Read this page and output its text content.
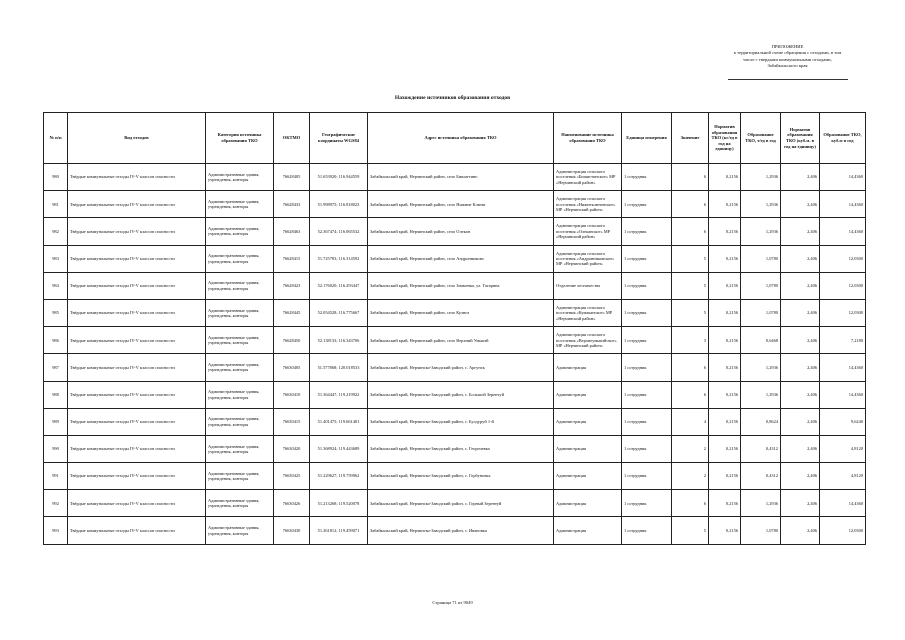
ПРИЛОЖЕНИЕ
к территориальной схеме обращения с отходами, в том
числе с твердыми коммунальными отходами,
Забайкальского края
Нахождение источников образования отходов
№ п/п	Вид отходов	Категория источника образования ТКО	ОКТМО	Географические координаты WGS84	Адрес источника образования ТКО	Наименование источника образования ТКО	Единица измерения	Значение	Норматив образования ТКО (кг/ед в год на единицу)	Образование ТКО, т/ед в год	Норматив образования ТКО (куб.м. в год на единицу)	Образование ТКО, куб.м в год
980	Твёрдые коммунальные отходы IV-V классов опасности	Административные здания, учреждения, конторы	76628405	51.653920; 116.944559	Забайкальский край, Нерчинский район, село Бишигтино	Администрация сельского поселения «Бишигтинское» МР «Нерчинский район»	1 сотрудник	6	0,2156	1,2936	2,406	14,4360
981	Твёрдые коммунальные отходы IV-V классов опасности	Административные здания, учреждения, конторы	76628433	51.998975; 116.818023	Забайкальский край, Нерчинский район, село Нижние Ключи	Администрация сельского поселения «Нижнеключевское» МР «Нерчинский район»	1 сотрудник	6	0,2156	1,2936	2,406	14,4360
982	Твёрдые коммунальные отходы IV-V классов опасности	Административные здания, учреждения, конторы	76628463	52.367474; 116.065532	Забайкальский край, Нерчинский район, село Олекан	Администрация сельского поселения «Олеканское» МР «Нерчинский район»	1 сотрудник	6	0,2156	1,2936	2,406	14,4360
983	Твёрдые коммунальные отходы IV-V классов опасности	Административные здания, учреждения, конторы	76628415	51.725783; 116.314592	Забайкальский край, Нерчинский район, село Андронниково	Администрация сельского поселения «Андронниковское» МР «Нерчинский район»	1 сотрудник	5	0,2156	1,0780	2,406	12,0300
984	Твёрдые коммунальные отходы IV-V классов опасности	Административные здания, учреждения, конторы	76628423	52.176020; 116.293447	Забайкальский край, Нерчинский район, село Знаменка, ул. Гагарина	Отделение лесничества	1 сотрудник	5	0,2156	1,0780	2,406	12,0300
985	Твёрдые коммунальные отходы IV-V классов опасности	Административные здания, учреждения, конторы	76628445	52.054528; 116.775667	Забайкальский край, Нерчинский район, село Куэнга	Администрация сельского поселения «Кумаканское» МР «Нерчинский район»	1 сотрудник	5	0,2156	1,0780	2,406	12,0300
986	Твёрдые коммунальные отходы IV-V классов опасности	Административные здания, учреждения, конторы	76628450	52.138133; 116.343706	Забайкальский край, Нерчинский район, село Верхний Умыкэй	Администрация сельского поселения «Верхнеумыкэйское» МР «Нерчинский район»	1 сотрудник	3	0,2156	0,6468	2,406	7,2180
987	Твёрдые коммунальные отходы IV-V классов опасности	Административные здания, учреждения, конторы	76630405	51.577868; 120.018533	Забайкальский край, Нерчинско-Заводский район, с. Аргунск	Администрация	1 сотрудник	6	0,2156	1,2936	2,406	14,4360
988	Твёрдые коммунальные отходы IV-V классов опасности	Административные здания, учреждения, конторы	76630410	51.364447; 119.219922	Забайкальский край, Нерчинско-Заводский район, с. Большой Зерентуй	Администрация	1 сотрудник	6	0,2156	1,2936	2,406	14,4360
989	Твёрдые коммунальные отходы IV-V классов опасности	Административные здания, учреждения, конторы	76630415	51.401475; 119.661401	Забайкальский край, Нерчинско-Заводский район, с. Булдуруй 1-й	Администрация	1 сотрудник	4	0,2156	0,8624	2,406	9,6240
990	Твёрдые коммунальные отходы IV-V классов опасности	Административные здания, учреждения, конторы	76630420	51.368924; 119.443689	Забайкальский край, Нерчинско-Заводский район, с. Георгиевка	Администрация	1 сотрудник	2	0,2156	0,4312	2,406	4,8120
991	Твёрдые коммунальные отходы IV-V классов опасности	Административные здания, учреждения, конторы	76630425	51.229627; 119.759962	Забайкальский край, Нерчинско-Заводский район, с. Горбуновка	Администрация	1 сотрудник	2	0,2156	0,4312	2,406	4,8120
992	Твёрдые коммунальные отходы IV-V классов опасности	Административные здания, учреждения, конторы	76630426	51.213268; 119.520078	Забайкальский край, Нерчинско-Заводский район, с. Горный Зерентуй	Администрация	1 сотрудник	6	0,2156	1,2936	2,406	14,4360
993	Твёрдые коммунальные отходы IV-V классов опасности	Административные здания, учреждения, конторы	76630430	51.261812; 119.459071	Забайкальский край, Нерчинско-Заводский район, с. Ивановка	Администрация	1 сотрудник	5	0,2156	1,0780	2,406	12,0300
Страница 71 из 9049
